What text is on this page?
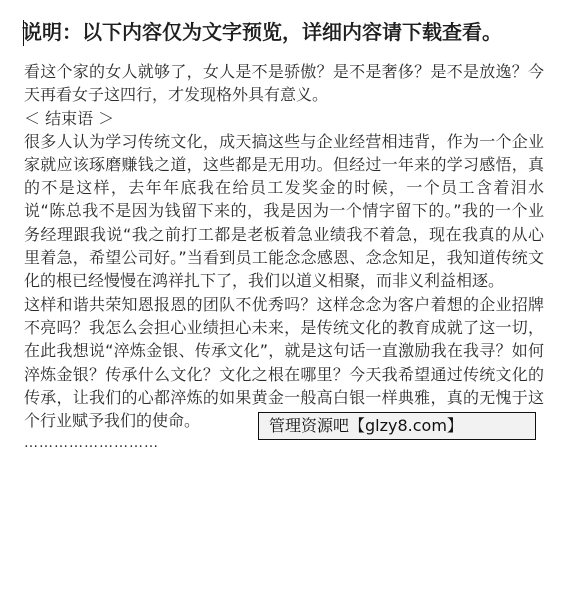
说明：以下内容仅为文字预览，详细内容请下载查看。

看这个家的女人就够了，女人是不是骄傲？是不是奢侈？是不是放逸？今天再看女子这四行，才发现格外具有意义。

＜ 结束语 ＞

很多人认为学习传统文化，成天搞这些与企业经营相违背，作为一个企业家就应该琢磨赚钱之道，这些都是无用功。但经过一年来的学习感悟，真的不是这样，去年年底我在给员工发奖金的时候，一个员工含着泪水说“陈总我不是因为钱留下来的，我是因为一个情字留下的。”我的一个业务经理跟我说“我之前打工都是老板着急业绩我不着急，现在我真的从心里着急，希望公司好。”当看到员工能念念感恩、念念知足，我知道传统文化的根已经慢慢在鸿祥扎下了，我们以道义相聚，而非义利益相逐。

这样和谐共荣知恩报恩的团队不优秀吗？这样念念为客户着想的企业招牌不亮吗？我怎么会担心业绩担心未来，是传统文化的教育成就了这一切，在此我想说“淬炼金银、传承文化”，就是这句话一直激励我在我寻？如何淬炼金银？传承什么文化？文化之根在哪里？今天我希望通过传统文化的传承，让我们的心都淬炼的如果黄金一般高白银一样典雅，真的无愧于这个行业赋予我们的使命。

………………………

管理资源吧【glzy8.com】
